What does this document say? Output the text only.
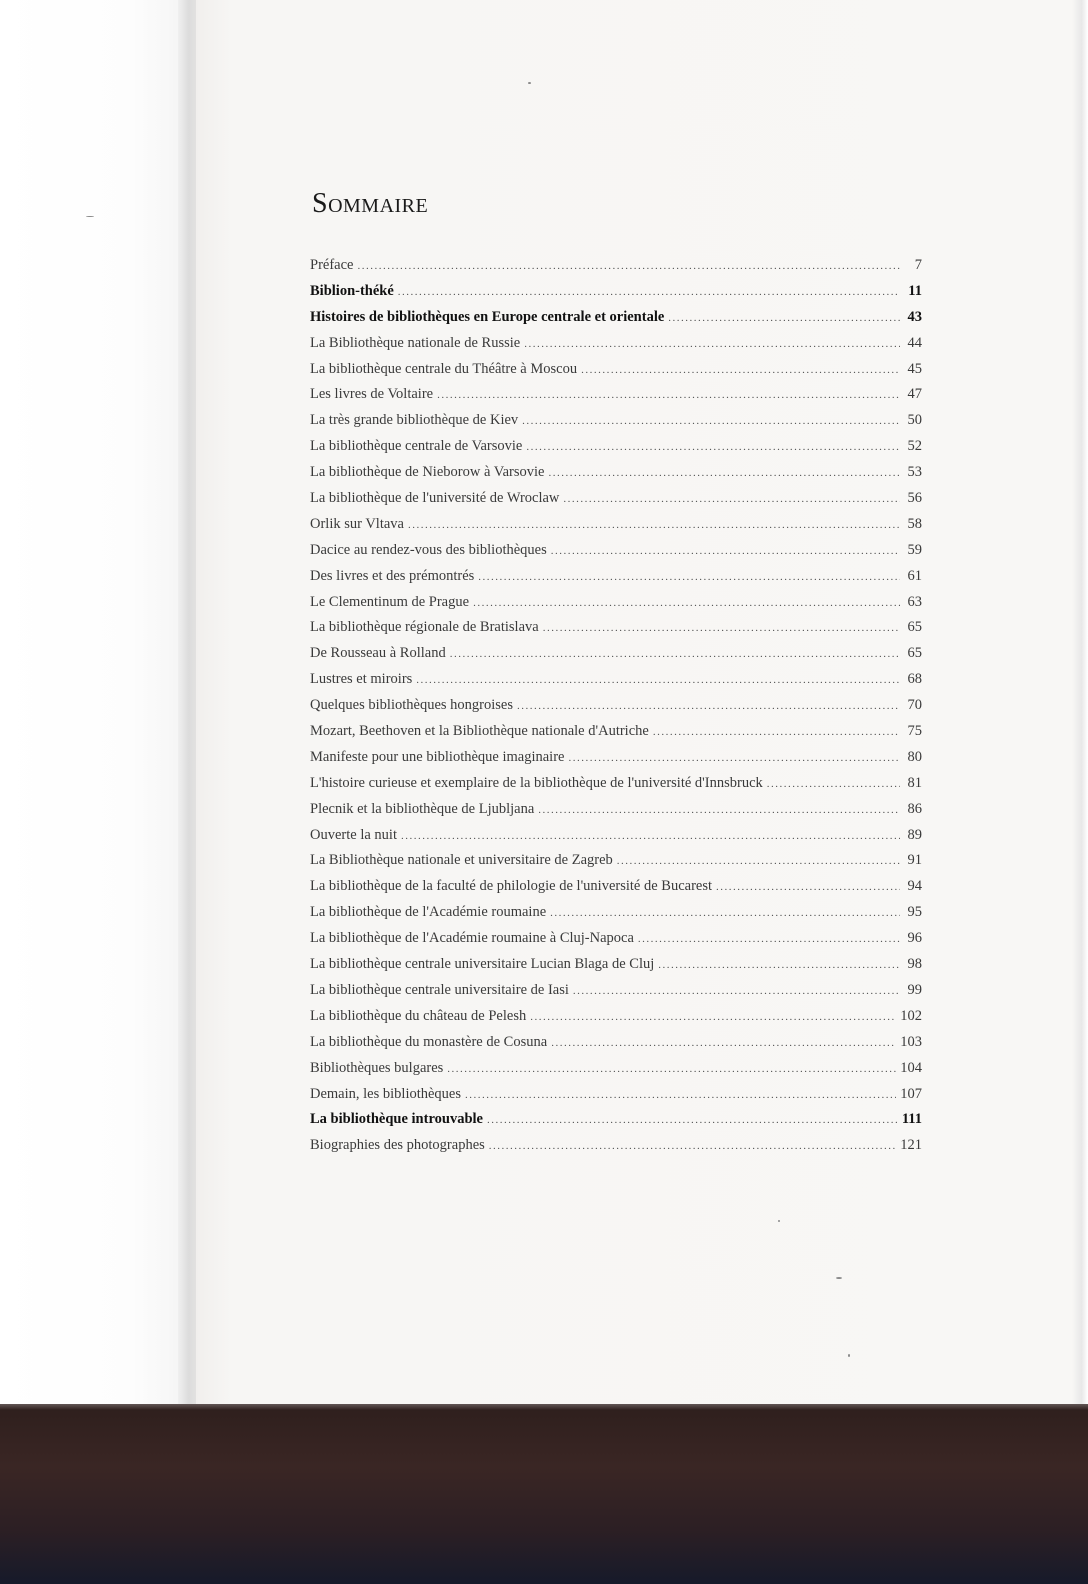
Sommaire
Préface .....	7
Biblion-théké .....	11
Histoires de bibliothèques en Europe centrale et orientale .....	43
La Bibliothèque nationale de Russie .....	44
La bibliothèque centrale du Théâtre à Moscou .....	45
Les livres de Voltaire .....	47
La très grande bibliothèque de Kiev .....	50
La bibliothèque centrale de Varsovie .....	52
La bibliothèque de Nieborow à Varsovie .....	53
La bibliothèque de l'université de Wroclaw .....	56
Orlik sur Vltava .....	58
Dacice au rendez-vous des bibliothèques .....	59
Des livres et des prémontrés .....	61
Le Clementinum de Prague .....	63
La bibliothèque régionale de Bratislava .....	65
De Rousseau à Rolland .....	65
Lustres et miroirs .....	68
Quelques bibliothèques hongroises .....	70
Mozart, Beethoven et la Bibliothèque nationale d'Autriche .....	75
Manifeste pour une bibliothèque imaginaire .....	80
L'histoire curieuse et exemplaire de la bibliothèque de l'université d'Innsbruck .....	81
Plecnik et la bibliothèque de Ljubljana .....	86
Ouverte la nuit .....	89
La Bibliothèque nationale et universitaire de Zagreb .....	91
La bibliothèque de la faculté de philologie de l'université de Bucarest .....	94
La bibliothèque de l'Académie roumaine .....	95
La bibliothèque de l'Académie roumaine à Cluj-Napoca .....	96
La bibliothèque centrale universitaire Lucian Blaga de Cluj .....	98
La bibliothèque centrale universitaire de Iasi .....	99
La bibliothèque du château de Pelesh .....	102
La bibliothèque du monastère de Cosuna .....	103
Bibliothèques bulgares .....	104
Demain, les bibliothèques .....	107
La bibliothèque introuvable .....	111
Biographies des photographes .....	121
